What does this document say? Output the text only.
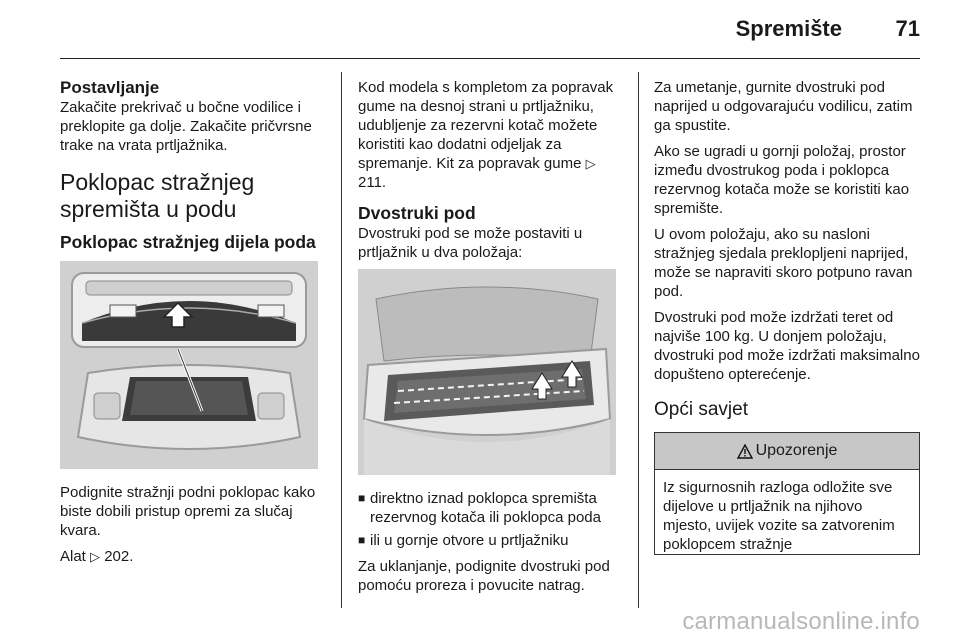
Spremište 71
Postavljanje

Zakačite prekrivač u bočne vodilice i preklopite ga dolje. Zakačite pričvrsne trake na vrata prtljažnika.

Poklopac stražnjeg spremišta u podu
Poklopac stražnjeg dijela poda

Podignite stražnji podni poklopac kako biste dobili pristup opremi za slučaj kvara.

Alat ▷ 202.

Kod modela s kompletom za popravak gume na desnoj strani u prtljažniku, udubljenje za rezervni kotač možete koristiti kao dodatni odjeljak za spremanje. Kit za popravak gume ▷ 211.

Dvostruki pod

Dvostruki pod se može postaviti u prtljažnik u dva položaja:

■ direktno iznad poklopca spremišta rezervnog kotača ili poklopca poda
■ ili u gornje otvore u prtljažniku

Za uklanjanje, podignite dvostruki pod pomoću proreza i povucite natrag.

Za umetanje, gurnite dvostruki pod naprijed u odgovarajuću vodilicu, zatim ga spustite.

Ako se ugradi u gornji položaj, prostor između dvostrukog poda i poklopca rezervnog kotača može se koristiti kao spremište.

U ovom položaju, ako su nasloni stražnjeg sjedala preklopljeni naprijed, može se napraviti skoro potpuno ravan pod.

Dvostruki pod može izdržati teret od najviše 100 kg. U donjem položaju, dvostruki pod može izdržati maksimalno dopušteno opterećenje.

Opći savjet
Upozorenje

Iz sigurnosnih razloga odložite sve dijelove u prtljažnik na njihovo mjesto, uvijek vozite sa zatvorenim poklopcem stražnje

carmanualsonline.info
